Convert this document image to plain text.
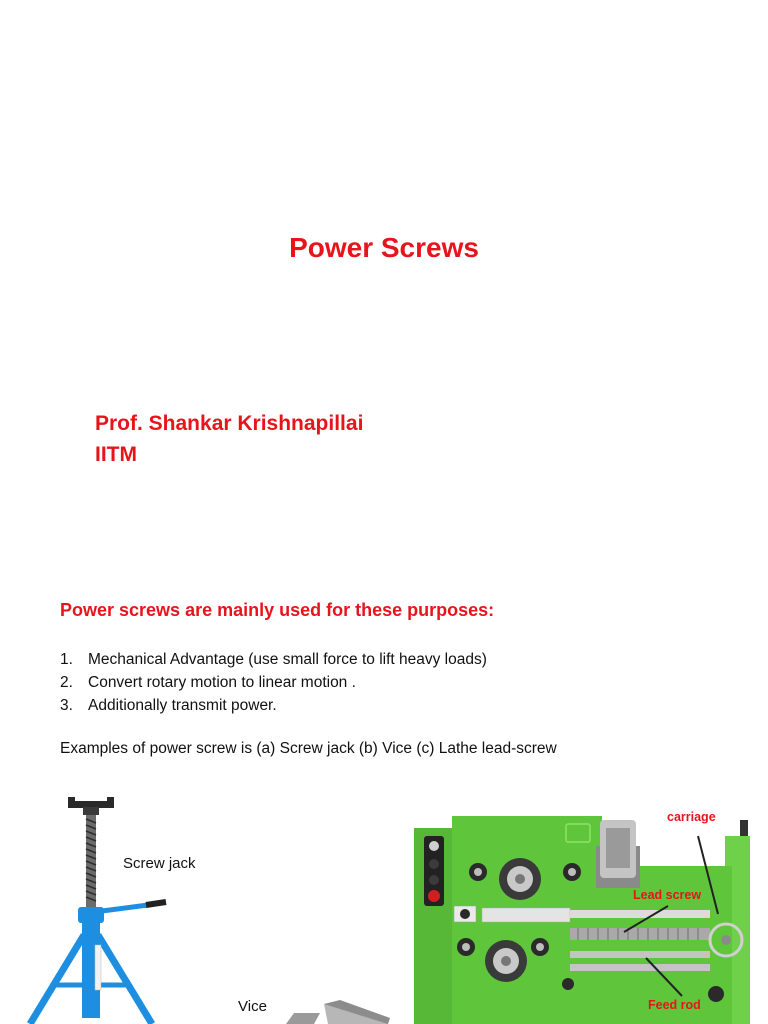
Power Screws
Prof. Shankar Krishnapillai
IITM
Power screws are mainly used for these purposes:
1. Mechanical Advantage (use small force to lift heavy loads)
2. Convert rotary motion to linear motion .
3. Additionally transmit power.
Examples of power screw is (a) Screw jack (b) Vice (c) Lathe lead-screw
Screw jack
Vice
carriage
Lead screw
Feed rod
